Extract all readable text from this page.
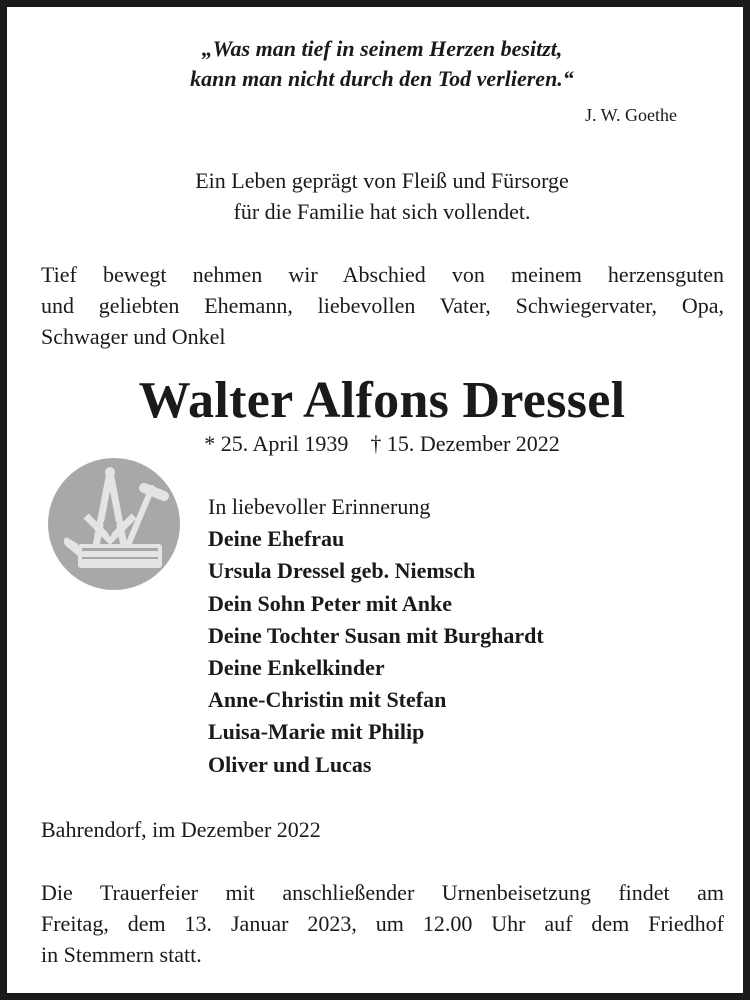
„Was man tief in seinem Herzen besitzt,
kann man nicht durch den Tod verlieren.“
J. W. Goethe
Ein Leben geprägt von Fleiß und Fürsorge
für die Familie hat sich vollendet.
Tief bewegt nehmen wir Abschied von meinem herzensguten
und geliebten Ehemann, liebevollen Vater, Schwiegervater, Opa,
Schwager und Onkel
Walter Alfons Dressel
* 25. April 1939 † 15. Dezember 2022
In liebevoller Erinnerung
Deine Ehefrau
Ursula Dressel geb. Niemsch
Dein Sohn Peter mit Anke
Deine Tochter Susan mit Burghardt
Deine Enkelkinder
Anne-Christin mit Stefan
Luisa-Marie mit Philip
Oliver und Lucas
Bahrendorf, im Dezember 2022
Die Trauerfeier mit anschließender Urnenbeisetzung findet am
Freitag, dem 13. Januar 2023, um 12.00 Uhr auf dem Friedhof
in Stemmern statt.
